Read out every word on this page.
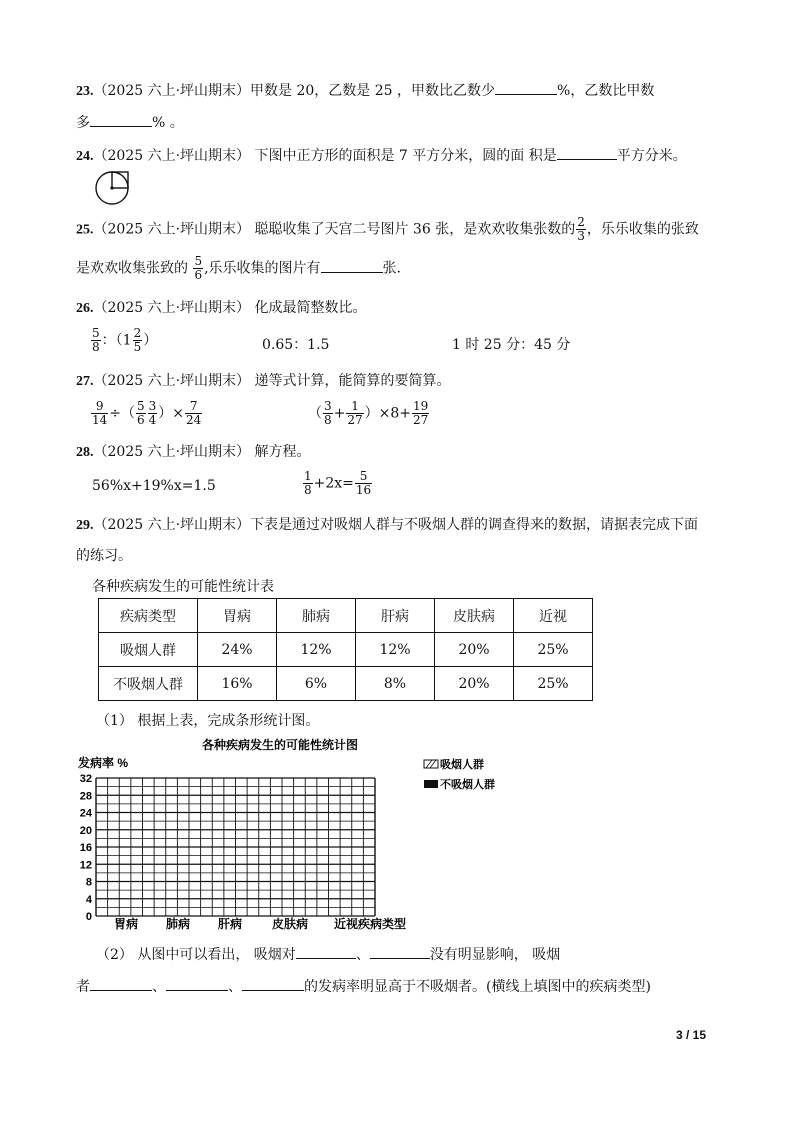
23.（2025 六上·坪山期末）甲数是 20，乙数是 25 ，甲数比乙数少	%，乙数比甲数
多	% 。
24.（2025 六上·坪山期末） 下图中正方形的面积是 7 平方分米，圆的面 积是	平方分米。
25.（2025 六上·坪山期末） 聪聪收集了天宫二号图片 36 张，是欢欢收集张数的 $\frac{2}{3}$ ，乐乐收集的张致
是欢欢收集张致的 $\frac{5}{6}$ ,乐乐收集的图片有	张.
26.（2025 六上·坪山期末） 化成最简整数比。
$\frac{5}{8}$ ：（$1 \frac{2}{5}$ ）	0.65：1.5	1 时 25 分：45 分
27.（2025 六上·坪山期末） 递等式计算，能简算的要简算。
$\frac{9}{14}$ ÷（ $\frac{5}{6} \frac{3}{4}$ ）× $\frac{7}{24}$	（ $\frac{3}{8} + \frac{1}{27} )\times 8+ \frac{19}{27}$
28.（2025 六上·坪山期末） 解方程。
56%x+19%x=1.5	$\frac{1}{8} +2x= \frac{5}{16}$
29.（2025 六上·坪山期末）下表是通过对吸烟人群与不吸烟人群的调查得来的数据，请据表完成下面
的练习。
各种疾病发生的可能性统计表
疾病类型	胃病	肺病	肝病	皮肤病	近视
吸烟人群	24%	12%	12%	20%	25%
不吸烟人群	16%	6%	8%	20%	25%
（1） 根据上表，完成条形统计图。
各种疾病发生的可能性统计图
发病率 %
32
28
24
20
16
12
8
4
0 胃病 肺病 肝病 皮肤病 近视 疾病类型
吸烟人群
不吸烟人群
（2） 从图中可以看出， 吸烟对	、	没有明显影响， 吸烟
者	、	、	的发病率明显高于不吸烟者。(横线上填图中的疾病类型)
3 / 15
